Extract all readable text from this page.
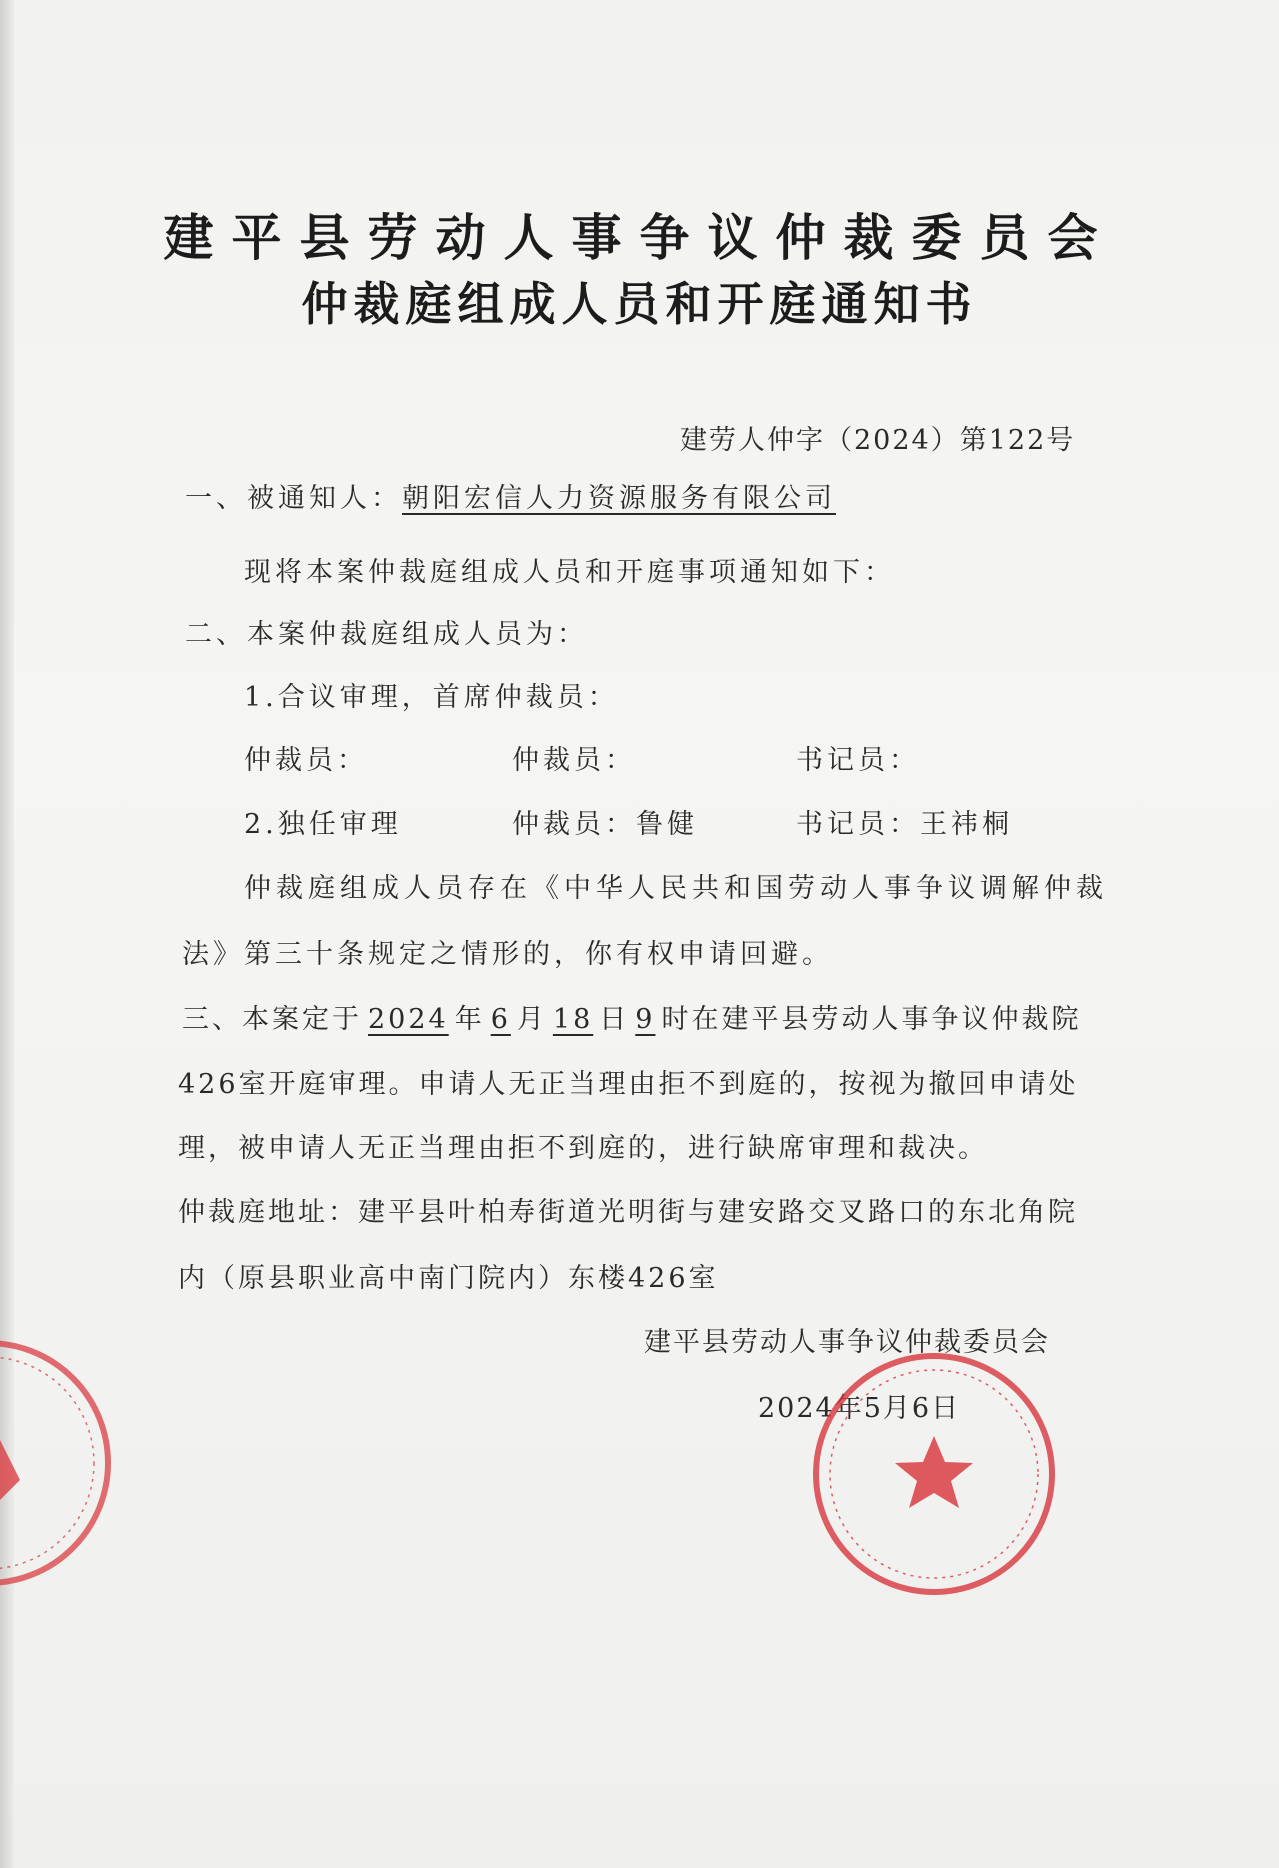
建平县劳动人事争议仲裁委员会
仲裁庭组成人员和开庭通知书
建劳人仲字（2024）第122号
一、被通知人：朝阳宏信人力资源服务有限公司
现将本案仲裁庭组成人员和开庭事项通知如下：
二、本案仲裁庭组成人员为：
1.合议审理，首席仲裁员：
仲裁员：	仲裁员：	书记员：
2.独任审理	仲裁员：鲁健	书记员：王祎桐
仲裁庭组成人员存在《中华人民共和国劳动人事争议调解仲裁
法》第三十条规定之情形的，你有权申请回避。
三、本案定于 2024 年 6 月 18 日 9 时在建平县劳动人事争议仲裁院
426室开庭审理。申请人无正当理由拒不到庭的，按视为撤回申请处
理，被申请人无正当理由拒不到庭的，进行缺席审理和裁决。
仲裁庭地址：建平县叶柏寿街道光明街与建安路交叉路口的东北角院
内（原县职业高中南门院内）东楼426室
建平县劳动人事争议仲裁委员会
2024年5月6日
